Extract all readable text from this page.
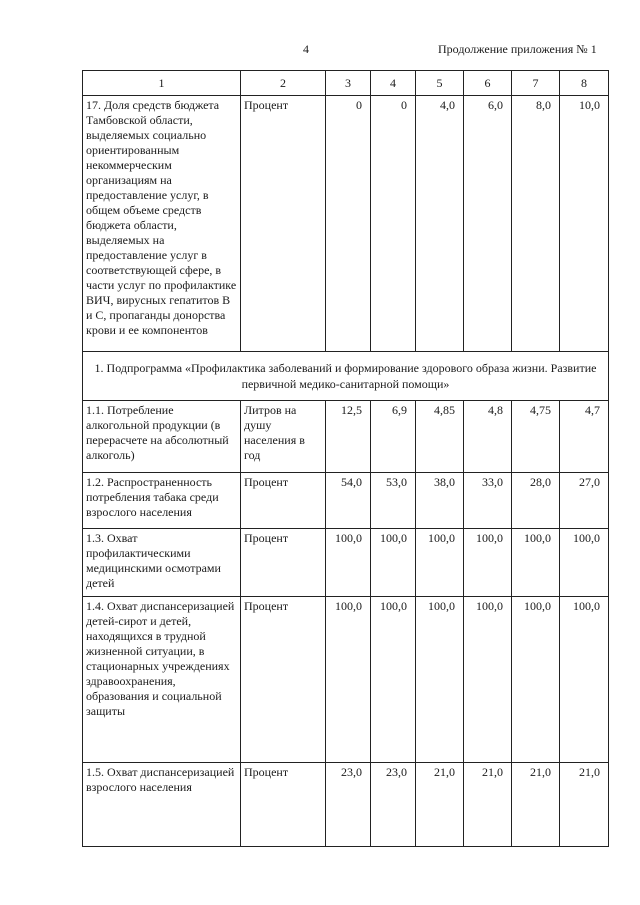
4	Продолжение приложения № 1
1	2	3	4	5	6	7	8
17. Доля средств бюджета Тамбовской области, выделяемых социально ориентированным некоммерческим организациям на предоставление услуг, в общем объеме средств бюджета области, выделяемых на предоставление услуг в соответствующей сфере, в части услуг по профилактике ВИЧ, вирусных гепатитов В и С, пропаганды донорства крови и ее компонентов	Процент	0	0	4,0	6,0	8,0	10,0
1. Подпрограмма «Профилактика заболеваний и формирование здорового образа жизни. Развитие первичной медико-санитарной помощи»							
1.1. Потребление алкогольной продукции (в перерасчете на абсолютный алкоголь)	Литров на душу населения в год	12,5	6,9	4,85	4,8	4,75	4,7
1.2. Распространенность потребления табака среди взрослого населения	Процент	54,0	53,0	38,0	33,0	28,0	27,0
1.3. Охват профилактическими медицинскими осмотрами детей	Процент	100,0	100,0	100,0	100,0	100,0	100,0
1.4. Охват диспансеризацией детей-сирот и детей, находящихся в трудной жизненной ситуации, в стационарных учреждениях здравоохранения, образования и социальной защиты	Процент	100,0	100,0	100,0	100,0	100,0	100,0
1.5. Охват диспансеризацией взрослого населения	Процент	23,0	23,0	21,0	21,0	21,0	21,0
